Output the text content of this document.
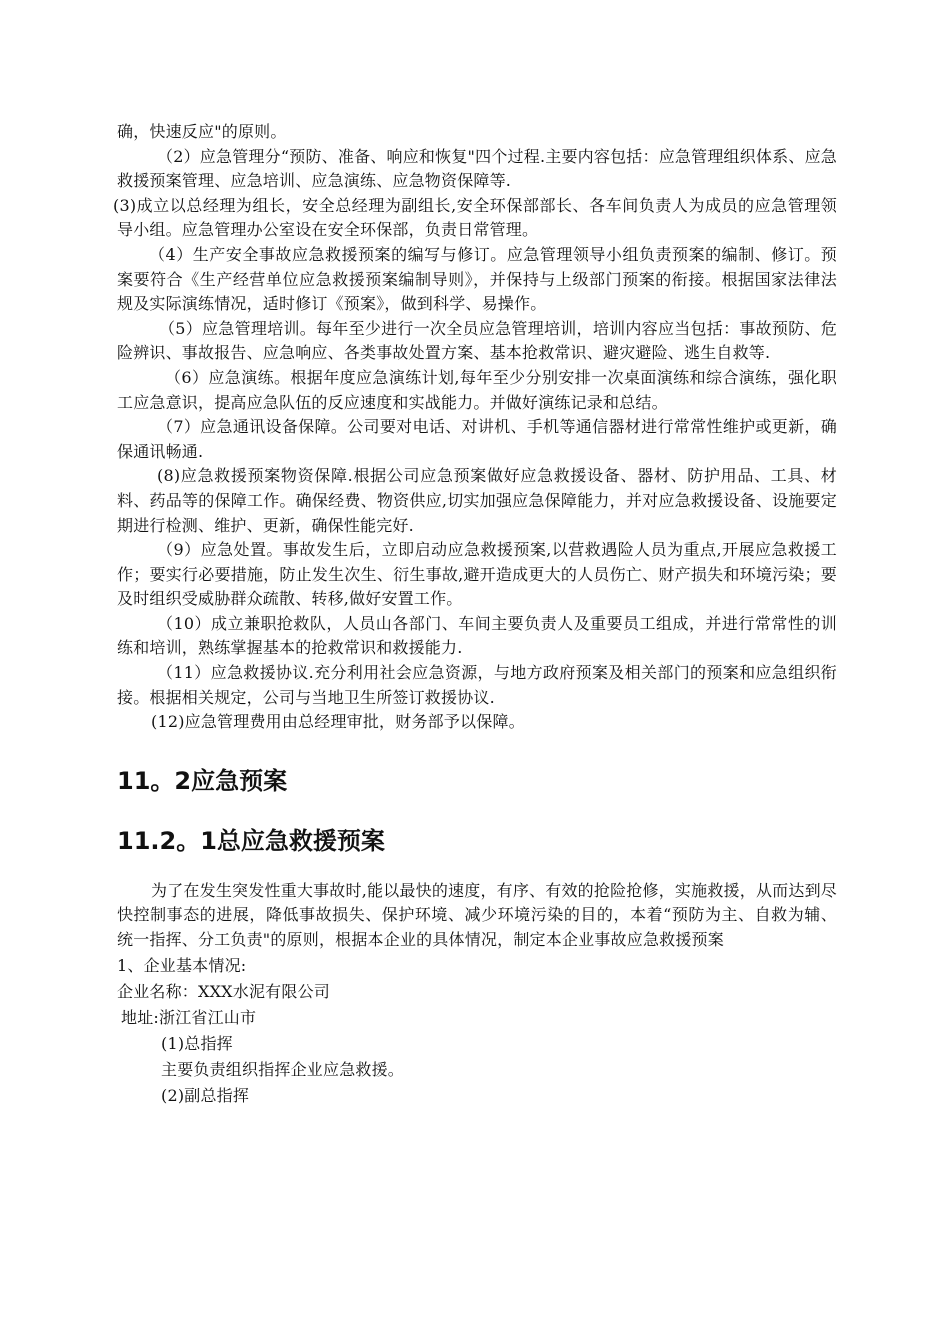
确，快速反应"的原则。

（2）应急管理分“预防、准备、响应和恢复"四个过程.主要内容包括：应急管理组织体系、应急救援预案管理、应急培训、应急演练、应急物资保障等.

(3)成立以总经理为组长，安全总经理为副组长,安全环保部部长、各车间负责人为成员的应急管理领导小组。应急管理办公室设在安全环保部，负责日常管理。

（4）生产安全事故应急救援预案的编写与修订。应急管理领导小组负责预案的编制、修订。预案要符合《生产经营单位应急救援预案编制导则》，并保持与上级部门预案的衔接。根据国家法律法规及实际演练情况，适时修订《预案》，做到科学、易操作。

（5）应急管理培训。每年至少进行一次全员应急管理培训，培训内容应当包括：事故预防、危险辨识、事故报告、应急响应、各类事故处置方案、基本抢救常识、避灾避险、逃生自救等.

（6）应急演练。根据年度应急演练计划,每年至少分别安排一次桌面演练和综合演练，强化职工应急意识，提高应急队伍的反应速度和实战能力。并做好演练记录和总结。

（7）应急通讯设备保障。公司要对电话、对讲机、手机等通信器材进行常常性维护或更新，确保通讯畅通.

(8)应急救援预案物资保障.根据公司应急预案做好应急救援设备、器材、防护用品、工具、材料、药品等的保障工作。确保经费、物资供应,切实加强应急保障能力，并对应急救援设备、设施要定期进行检测、维护、更新，确保性能完好.

（9）应急处置。事故发生后，立即启动应急救援预案,以营救遇险人员为重点,开展应急救援工作；要实行必要措施，防止发生次生、衍生事故,避开造成更大的人员伤亡、财产损失和环境污染；要及时组织受威胁群众疏散、转移,做好安置工作。

（10）成立兼职抢救队，人员山各部门、车间主要负责人及重要员工组成，并进行常常性的训练和培训，熟练掌握基本的抢救常识和救援能力.

（11）应急救援协议.充分利用社会应急资源，与地方政府预案及相关部门的预案和应急组织衔接。根据相关规定，公司与当地卫生所签订救援协议.

(12)应急管理费用由总经理审批，财务部予以保障。

11。2应急预案
11.2。1总应急救援预案

为了在发生突发性重大事故时,能以最快的速度，有序、有效的抢险抢修，实施救援，从而达到尽快控制事态的进展，降低事故损失、保护环境、减少环境污染的目的，本着“预防为主、自救为辅、统一指挥、分工负责"的原则，根据本企业的具体情况，制定本企业事故应急救援预案

1、企业基本情况:

企业名称：XXX水泥有限公司

地址:浙江省江山市

(1)总指挥

主要负责组织指挥企业应急救援。

(2)副总指挥
